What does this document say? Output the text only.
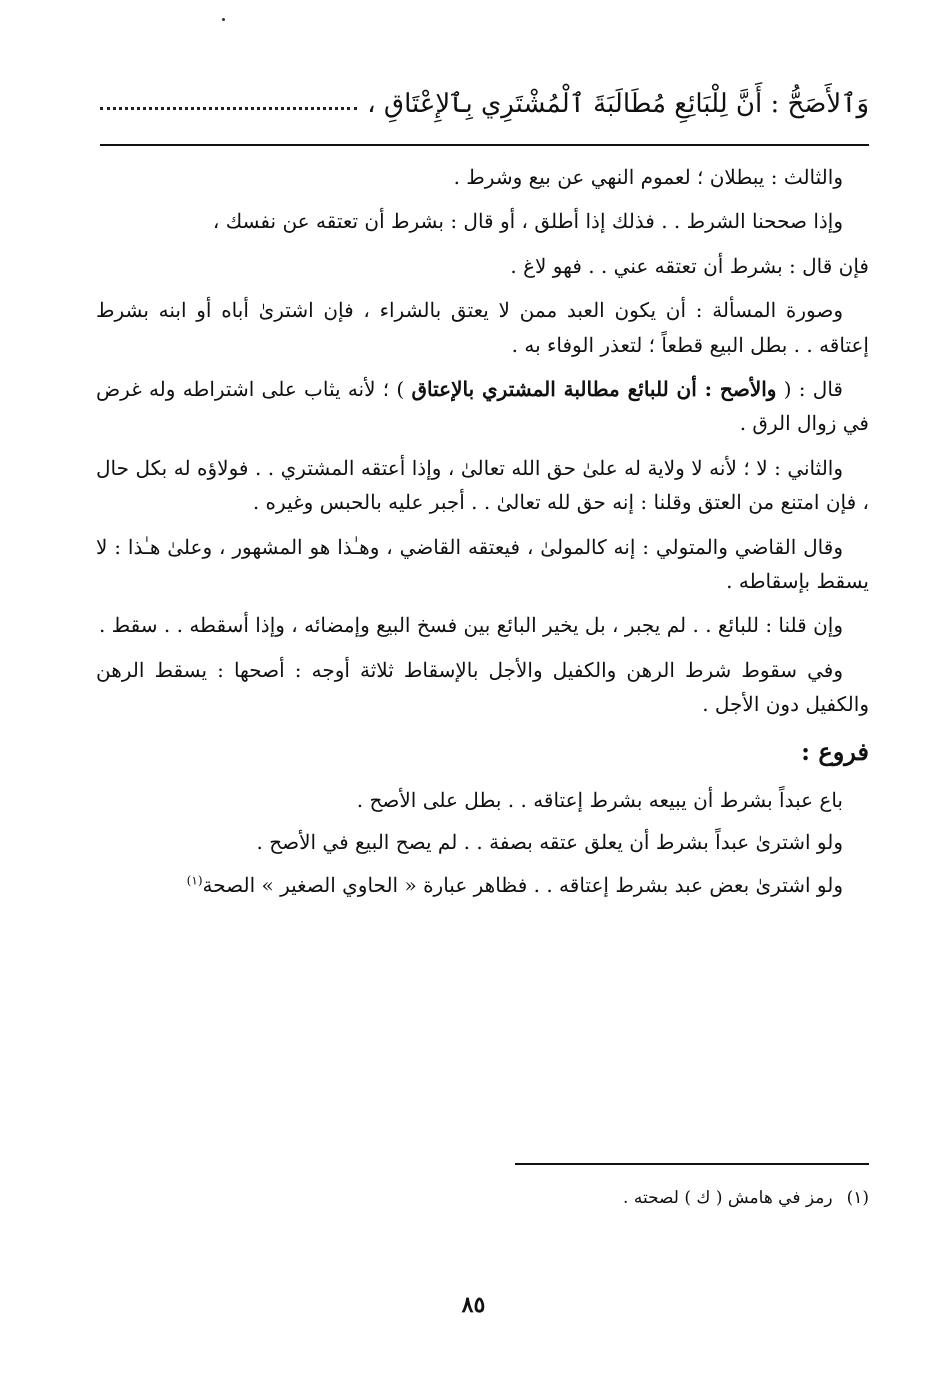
وَٱلأَصَحُّ : أَنَّ لِلْبَائِعِ مُطَالَبَةَ ٱلْمُشْتَرِي بِٱلإِعْتَاقِ ،

والثالث : يبطلان ؛ لعموم النهي عن بيع وشرط .

وإذا صححنا الشرط . . فذلك إذا أطلق ، أو قال : بشرط أن تعتقه عن نفسك ،

فإن قال : بشرط أن تعتقه عني . . فهو لاغ .

وصورة المسألة : أن يكون العبد ممن لا يعتق بالشراء ، فإن اشترىٰ أباه أو ابنه بشرط إعتاقه . . بطل البيع قطعاً ؛ لتعذر الوفاء به .

قال : ( والأصح : أن للبائع مطالبة المشتري بالإعتاق ) ؛ لأنه يثاب على اشتراطه وله غرض في زوال الرق .

والثاني : لا ؛ لأنه لا ولاية له علىٰ حق الله تعالىٰ ، وإذا أعتقه المشتري . . فولاؤه له بكل حال ، فإن امتنع من العتق وقلنا : إنه حق لله تعالىٰ . . أجبر عليه بالحبس وغيره .

وقال القاضي والمتولي : إنه كالمولىٰ ، فيعتقه القاضي ، وهـٰذا هو المشهور ، وعلىٰ هـٰذا : لا يسقط بإسقاطه .

وإن قلنا : للبائع . . لم يجبر ، بل يخير البائع بين فسخ البيع وإمضائه ، وإذا أسقطه . . سقط .

وفي سقوط شرط الرهن والكفيل والأجل بالإسقاط ثلاثة أوجه : أصحها : يسقط الرهن والكفيل دون الأجل .

فروع :

باع عبداً بشرط أن يبيعه بشرط إعتاقه . . بطل على الأصح .

ولو اشترىٰ عبداً بشرط أن يعلق عتقه بصفة . . لم يصح البيع في الأصح .

ولو اشترىٰ بعض عبد بشرط إعتاقه . . فظاهر عبارة « الحاوي الصغير » الصحة$^{(١)}$

(١)رمز في هامش ( ك ) لصحته .
٨٥
